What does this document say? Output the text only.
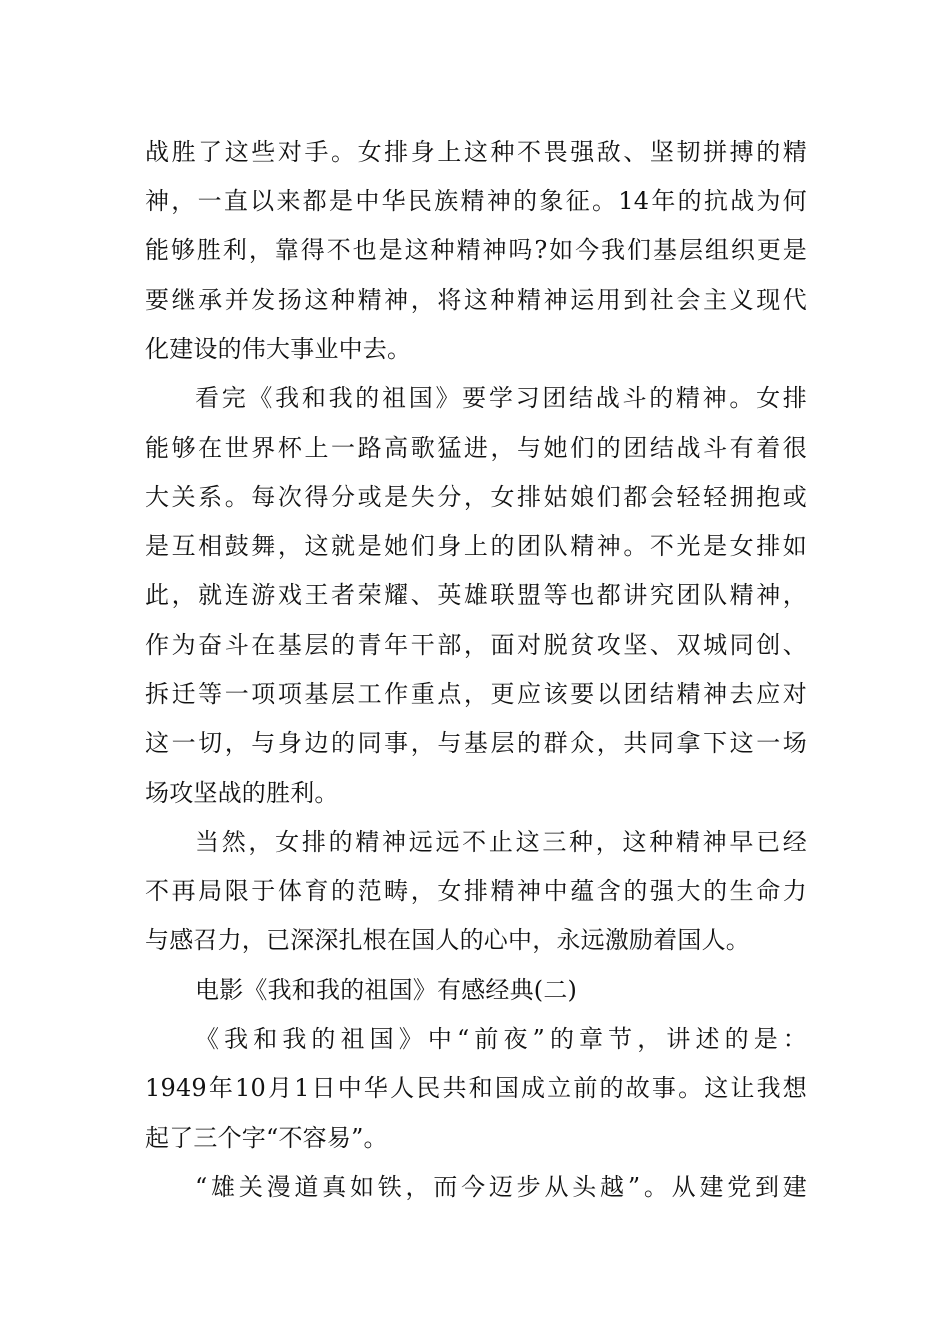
战胜了这些对手。女排身上这种不畏强敌、坚韧拼搏的精
神，一直以来都是中华民族精神的象征。14年的抗战为何
能够胜利，靠得不也是这种精神吗?如今我们基层组织更是
要继承并发扬这种精神，将这种精神运用到社会主义现代
化建设的伟大事业中去。
看完《我和我的祖国》要学习团结战斗的精神。女排
能够在世界杯上一路高歌猛进，与她们的团结战斗有着很
大关系。每次得分或是失分，女排姑娘们都会轻轻拥抱或
是互相鼓舞，这就是她们身上的团队精神。不光是女排如
此，就连游戏王者荣耀、英雄联盟等也都讲究团队精神，
作为奋斗在基层的青年干部，面对脱贫攻坚、双城同创、
拆迁等一项项基层工作重点，更应该要以团结精神去应对
这一切，与身边的同事，与基层的群众，共同拿下这一场
场攻坚战的胜利。
当然，女排的精神远远不止这三种，这种精神早已经
不再局限于体育的范畴，女排精神中蕴含的强大的生命力
与感召力，已深深扎根在国人的心中，永远激励着国人。
电影《我和我的祖国》有感经典(二)
《我和我的祖国》中“前夜”的章节，讲述的是：
1949年10月1日中华人民共和国成立前的故事。这让我想
起了三个字“不容易”。
“雄关漫道真如铁，而今迈步从头越”。从建党到建
